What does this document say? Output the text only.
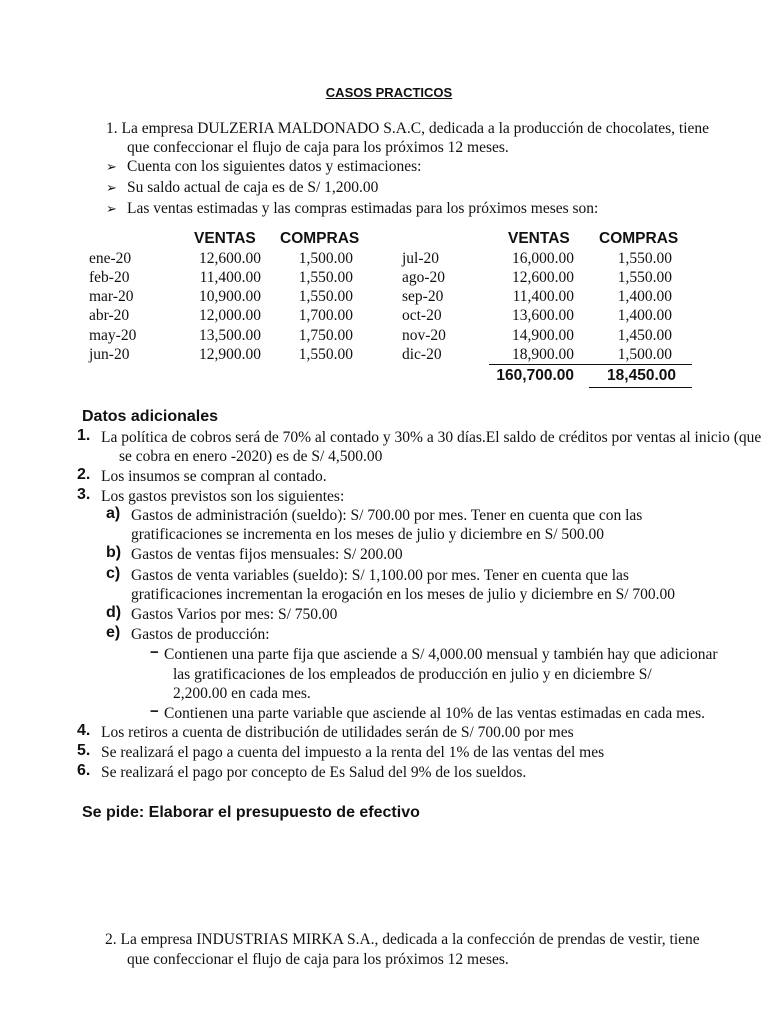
CASOS PRACTICOS
1. La empresa DULZERIA MALDONADO S.A.C, dedicada a la producción de chocolates, tiene
que confeccionar el flujo de caja para los próximos 12 meses.
➢ Cuenta con los siguientes datos y estimaciones:
➢ Su saldo actual de caja es de S/ 1,200.00
➢ Las ventas estimadas y las compras estimadas para los próximos meses son:
VENTAS COMPRAS	VENTAS COMPRAS
ene-20	12,600.00	1,500.00
feb-20	11,400.00	1,550.00
mar-20	10,900.00	1,550.00
abr-20	12,000.00	1,700.00
may-20	13,500.00	1,750.00
jun-20	12,900.00	1,550.00
jul-20	16,000.00	1,550.00
ago-20	12,600.00	1,550.00
sep-20	11,400.00	1,400.00
oct-20	13,600.00	1,400.00
nov-20	14,900.00	1,450.00
dic-20	18,900.00	1,500.00
160,700.00	18,450.00
Datos adicionales
1. La política de cobros será de 70% al contado y 30% a 30 días.El saldo de créditos por ventas al inicio (que
se cobra en enero -2020) es de S/ 4,500.00
2. Los insumos se compran al contado.
3. Los gastos previstos son los siguientes:
a) Gastos de administración (sueldo): S/ 700.00 por mes. Tener en cuenta que con las
gratificaciones se incrementa en los meses de julio y diciembre en S/ 500.00
b) Gastos de ventas fijos mensuales: S/ 200.00
c) Gastos de venta variables (sueldo): S/ 1,100.00 por mes. Tener en cuenta que las
gratificaciones incrementan la erogación en los meses de julio y diciembre en S/ 700.00
d) Gastos Varios por mes: S/ 750.00
e) Gastos de producción:
− Contienen una parte fija que asciende a S/ 4,000.00 mensual y también hay que adicionar
las gratificaciones de los empleados de producción en julio y en diciembre S/
2,200.00 en cada mes.
− Contienen una parte variable que asciende al 10% de las ventas estimadas en cada mes.
4. Los retiros a cuenta de distribución de utilidades serán de S/ 700.00 por mes
5. Se realizará el pago a cuenta del impuesto a la renta del 1% de las ventas del mes
6. Se realizará el pago por concepto de Es Salud del 9% de los sueldos.
Se pide: Elaborar el presupuesto de efectivo
2. La empresa INDUSTRIAS MIRKA S.A., dedicada a la confección de prendas de vestir, tiene
que confeccionar el flujo de caja para los próximos 12 meses.
